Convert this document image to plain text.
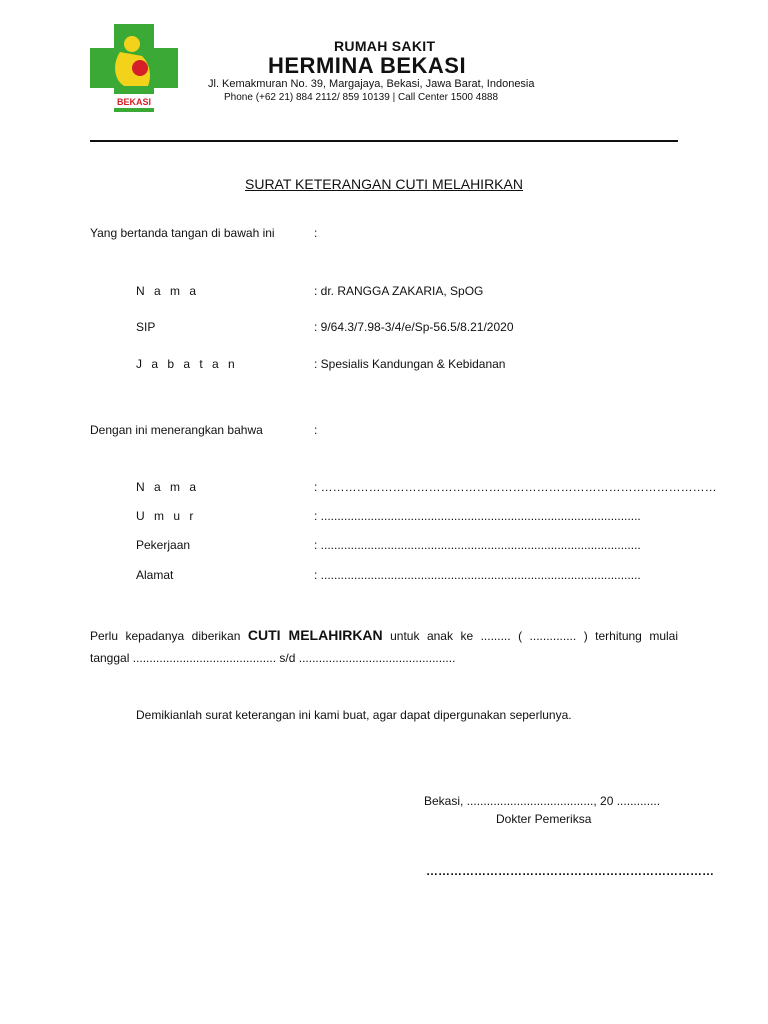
BEKASI
RUMAH SAKIT
HERMINA BEKASI
Jl. Kemakmuran No. 39, Margajaya, Bekasi, Jawa Barat, Indonesia
Phone (+62 21) 884 2112/ 859 10139 | Call Center 1500 4888
SURAT KETERANGAN CUTI MELAHIRKAN
Yang bertanda tangan di bawah ini	:
N a m a	: dr. RANGGA ZAKARIA, SpOG
SIP	: 9/64.3/7.98-3/4/e/Sp-56.5/8.21/2020
J a b a t a n	: Spesialis Kandungan & Kebidanan
Dengan ini menerangkan bahwa	:
N a m a	: ………………………………………………………………………………………
U m u r	: ................................................................................................
Pekerjaan	: ................................................................................................
Alamat	: ................................................................................................

Perlu kepadanya diberikan CUTI MELAHIRKAN untuk anak ke ......... ( .............. ) terhitung mulai

tanggal ........................................... s/d ...............................................

Demikianlah surat keterangan ini kami buat, agar dapat dipergunakan seperlunya.
Bekasi, ......................................, 20 .............
Dokter Pemeriksa
………………………………………………………………
